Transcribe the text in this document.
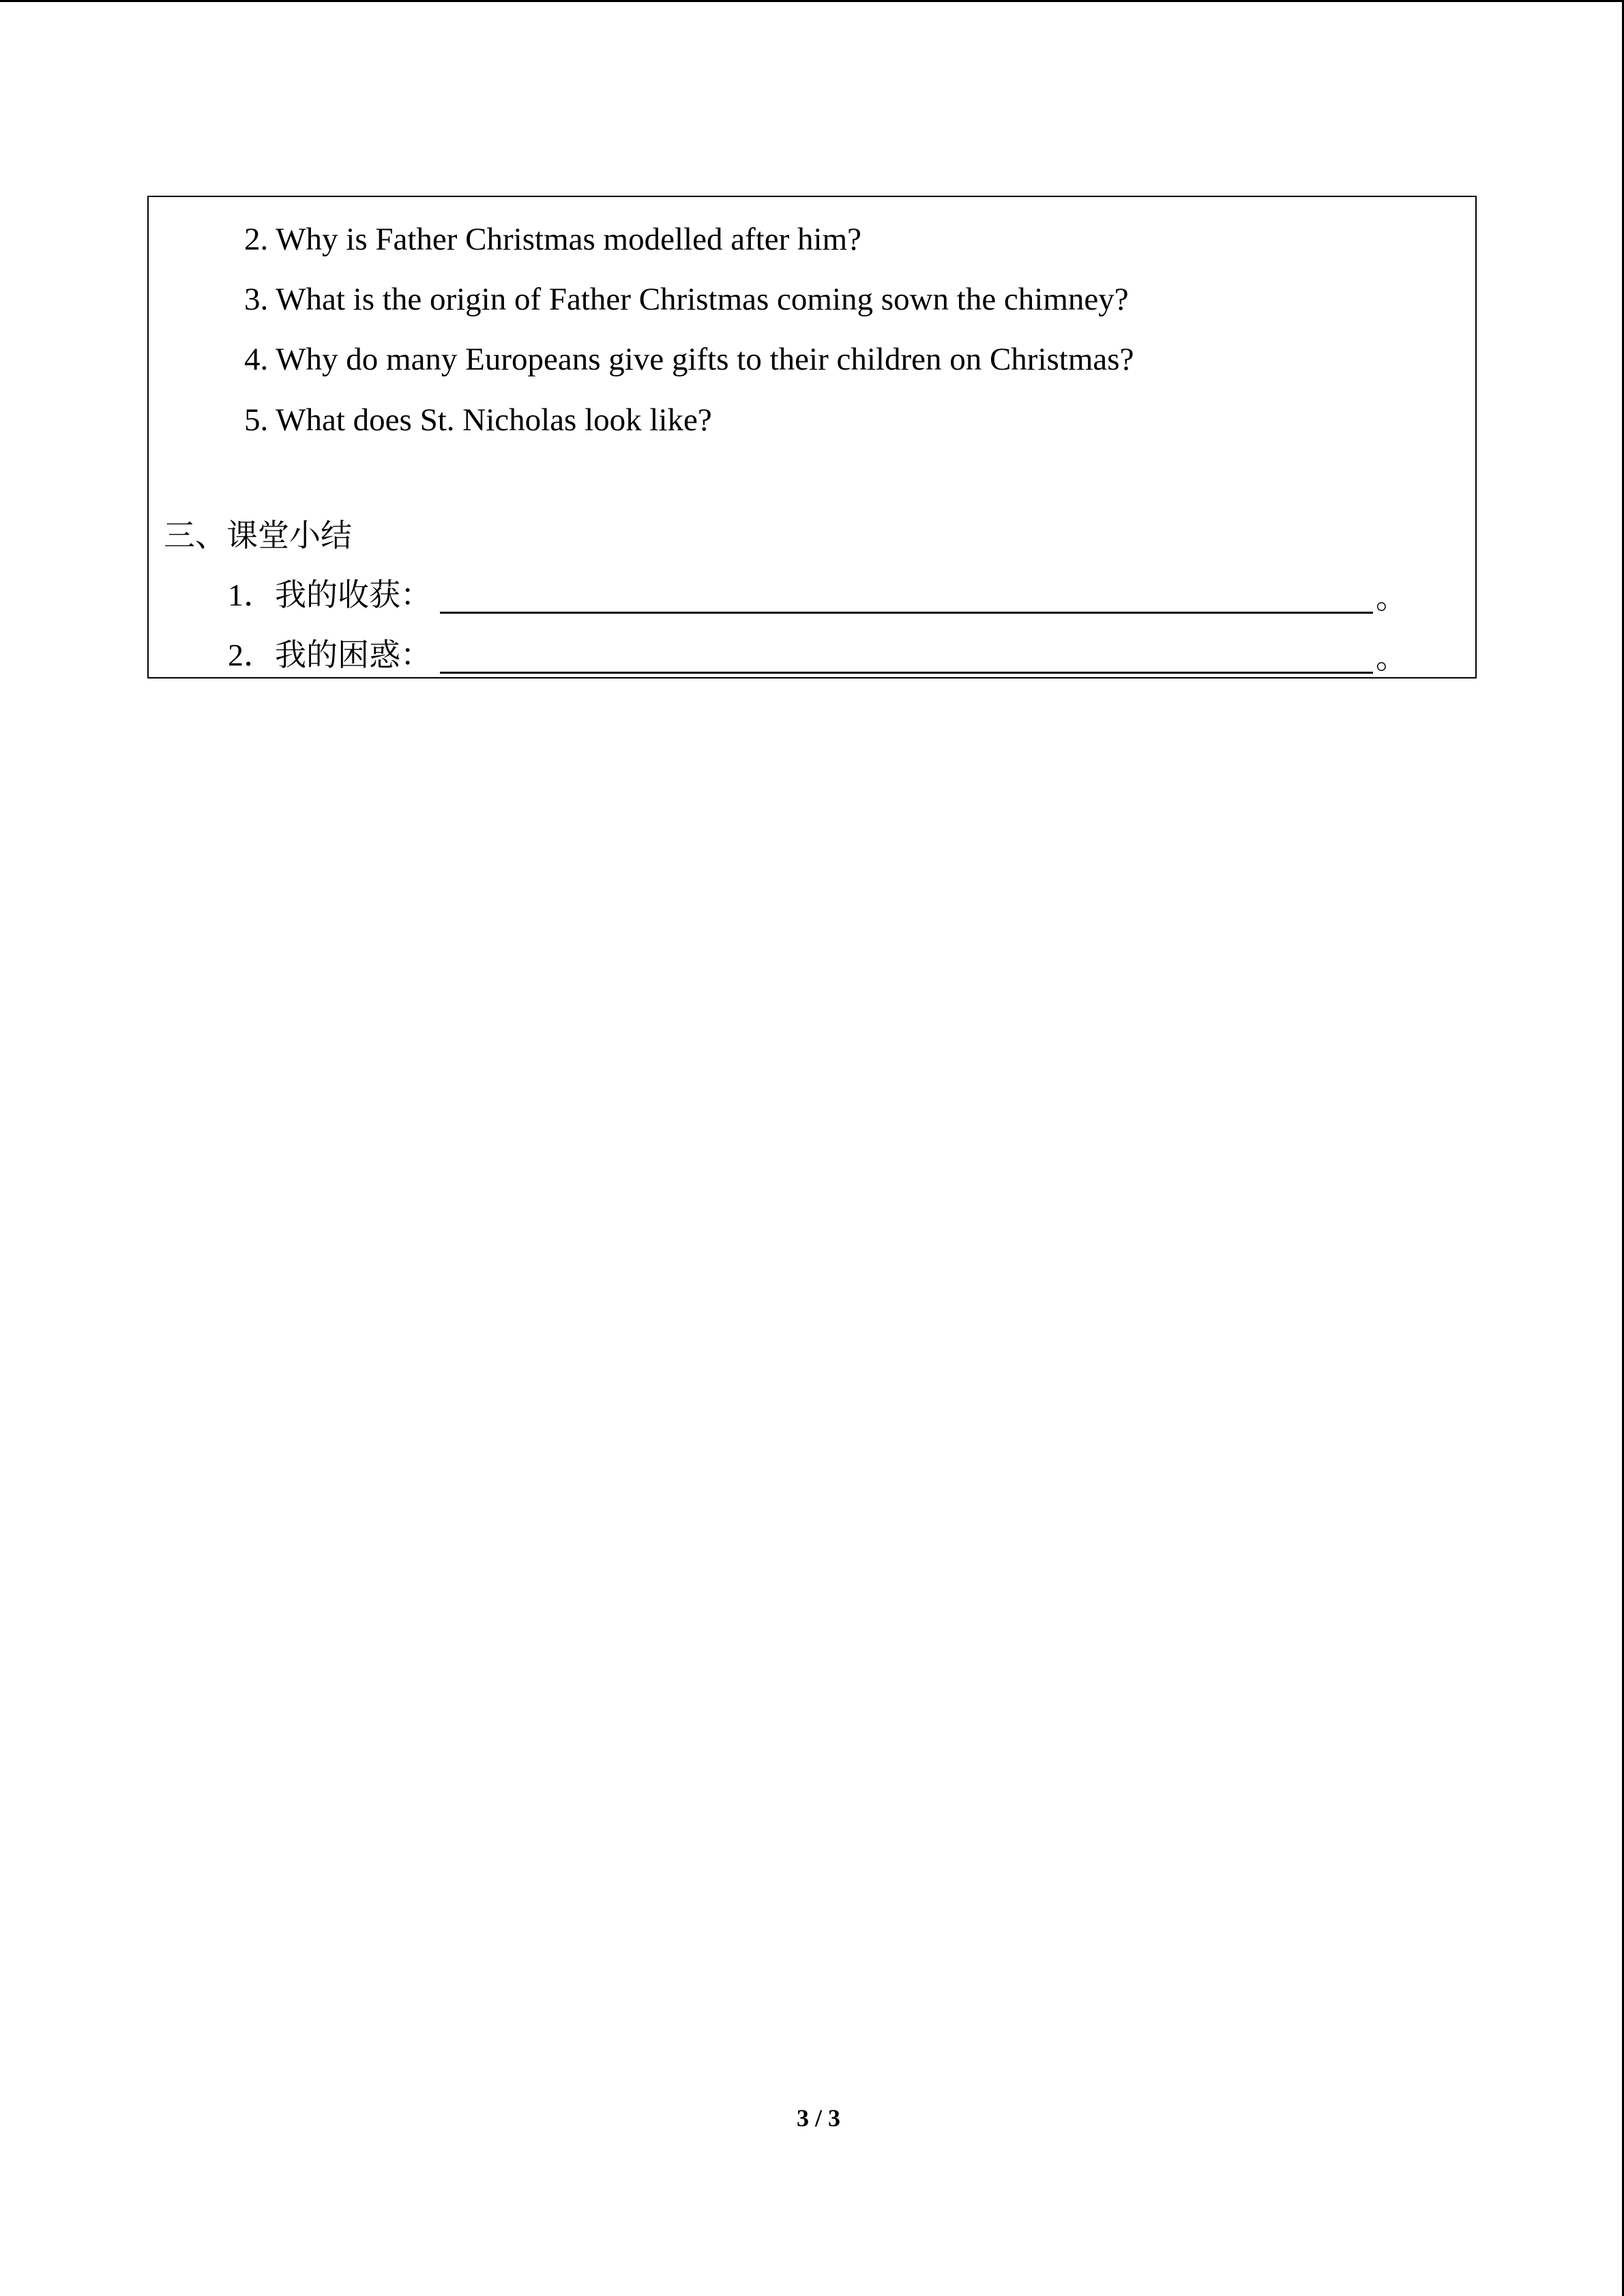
2. Why is Father Christmas modelled after him?
3. What is the origin of Father Christmas coming sown the chimney?
4. Why do many Europeans give gifts to their children on Christmas?
5. What does St. Nicholas look like?
三、课堂小结
1．我的收获：	。
2．我的困惑：	。
3 / 3
